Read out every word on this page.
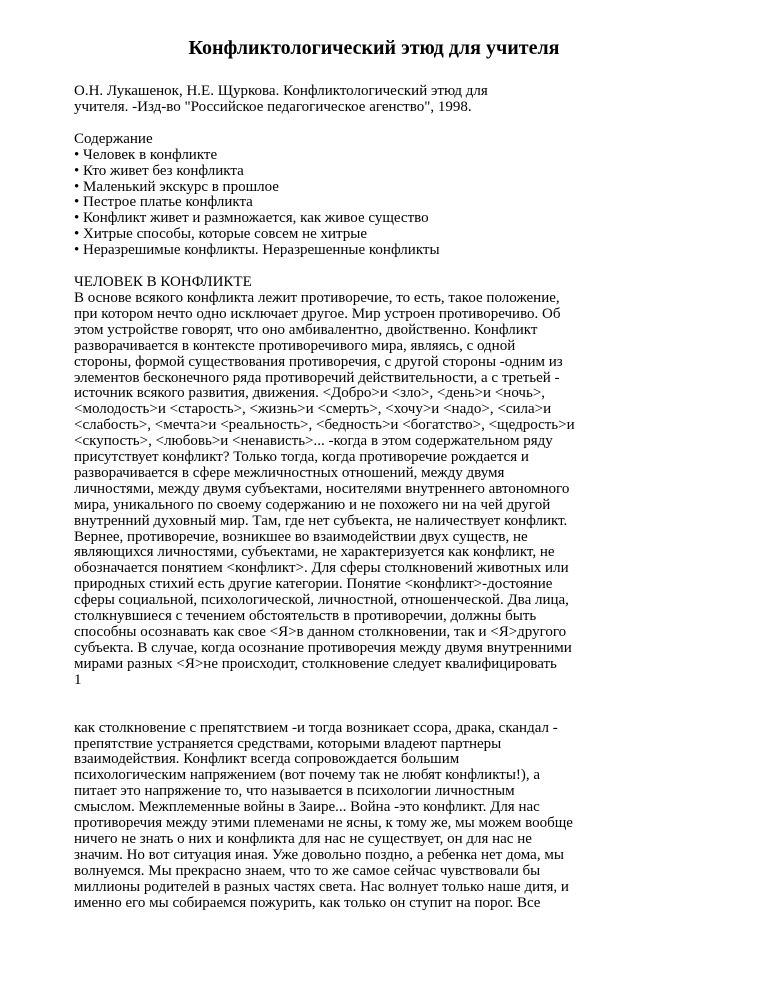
Конфликтологический этюд для учителя
О.Н. Лукашенок, Н.Е. Щуркова. Конфликтологический этюд для
учителя. -Изд-во "Российское педагогическое агенство", 1998.
Содержание
• Человек в конфликте
• Кто живет без конфликта
• Маленький экскурс в прошлое
• Пестрое платье конфликта
• Конфликт живет и размножается, как живое существо
• Хитрые способы, которые совсем не хитрые
• Неразрешимые конфликты. Неразрешенные конфликты
ЧЕЛОВЕК В КОНФЛИКТЕ
В основе всякого конфликта лежит противоречие, то есть, такое положение,
при котором нечто одно исключает другое. Мир устроен противоречиво. Об
этом устройстве говорят, что оно амбивалентно, двойственно. Конфликт
разворачивается в контексте противоречивого мира, являясь, с одной
стороны, формой существования противоречия, с другой стороны -одним из
элементов бесконечного ряда противоречий действительности, а с третьей -
источник всякого развития, движения. <Добро>и <зло>, <день>и <ночь>,
<молодость>и <старость>, <жизнь>и <смерть>, <хочу>и <надо>, <сила>и
<слабость>, <мечта>и <реальность>, <бедность>и <богатство>, <щедрость>и
<скупость>, <любовь>и <ненависть>... -когда в этом содержательном ряду
присутствует конфликт? Только тогда, когда противоречие рождается и
разворачивается в сфере межличностных отношений, между двумя
личностями, между двумя субъектами, носителями внутреннего автономного
мира, уникального по своему содержанию и не похожего ни на чей другой
внутренний духовный мир. Там, где нет субъекта, не наличествует конфликт.
Вернее, противоречие, возникшее во взаимодействии двух существ, не
являющихся личностями, субъектами, не характеризуется как конфликт, не
обозначается понятием <конфликт>. Для сферы столкновений животных или
природных стихий есть другие категории. Понятие <конфликт>-достояние
сферы социальной, психологической, личностной, отношенческой. Два лица,
столкнувшиеся с течением обстоятельств в противоречии, должны быть
способны осознавать как свое <Я>в данном столкновении, так и <Я>другого
субъекта. В случае, когда осознание противоречия между двумя внутренними
мирами разных <Я>не происходит, столкновение следует квалифицировать
1
как столкновение с препятствием -и тогда возникает ссора, драка, скандал -
препятствие устраняется средствами, которыми владеют партнеры
взаимодействия. Конфликт всегда сопровождается большим
психологическим напряжением (вот почему так не любят конфликты!), а
питает это напряжение то, что называется в психологии личностным
смыслом. Межплеменные войны в Заире... Война -это конфликт. Для нас
противоречия между этими племенами не ясны, к тому же, мы можем вообще
ничего не знать о них и конфликта для нас не существует, он для нас не
значим. Но вот ситуация иная. Уже довольно поздно, а ребенка нет дома, мы
волнуемся. Мы прекрасно знаем, что то же самое сейчас чувствовали бы
миллионы родителей в разных частях света. Нас волнует только наше дитя, и
именно его мы собираемся пожурить, как только он ступит на порог. Все
